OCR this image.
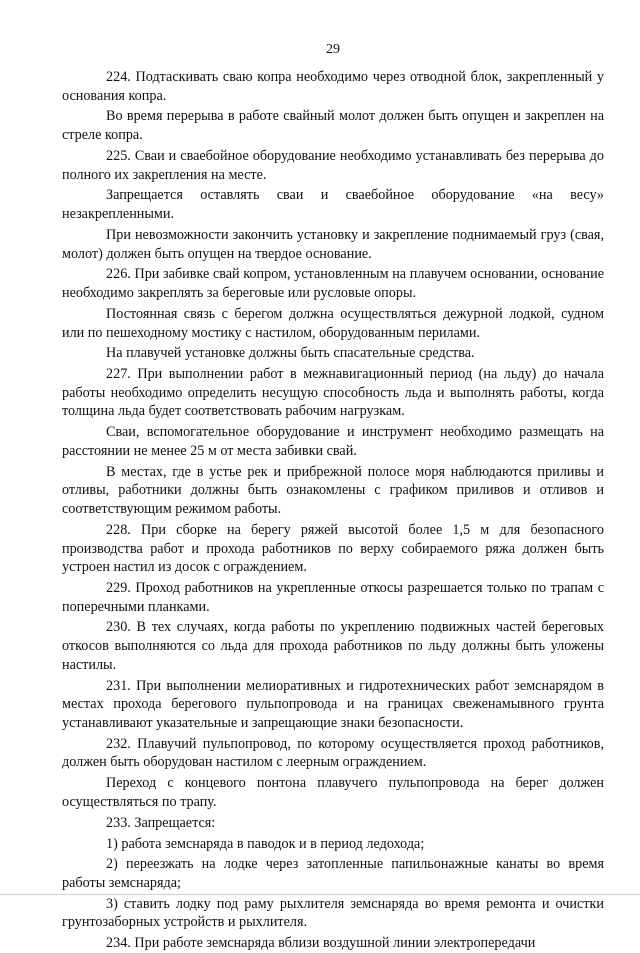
29

224. Подтаскивать сваю копра необходимо через отводной блок, закрепленный у основания копра.

Во время перерыва в работе свайный молот должен быть опущен и закреплен на стреле копра.

225. Сваи и сваебойное оборудование необходимо устанавливать без перерыва до полного их закрепления на месте.

Запрещается оставлять сваи и сваебойное оборудование «на весу» незакрепленными.

При невозможности закончить установку и закрепление поднимаемый груз (свая, молот) должен быть опущен на твердое основание.

226. При забивке свай копром, установленным на плавучем основании, основание необходимо закреплять за береговые или русловые опоры.

Постоянная связь с берегом должна осуществляться дежурной лодкой, судном или по пешеходному мостику с настилом, оборудованным перилами.

На плавучей установке должны быть спасательные средства.

227. При выполнении работ в межнавигационный период (на льду) до начала работы необходимо определить несущую способность льда и выполнять работы, когда толщина льда будет соответствовать рабочим нагрузкам.

Сваи, вспомогательное оборудование и инструмент необходимо размещать на расстоянии не менее 25 м от места забивки свай.

В местах, где в устье рек и прибрежной полосе моря наблюдаются приливы и отливы, работники должны быть ознакомлены с графиком приливов и отливов и соответствующим режимом работы.

228. При сборке на берегу ряжей высотой более 1,5 м для безопасного производства работ и прохода работников по верху собираемого ряжа должен быть устроен настил из досок с ограждением.

229. Проход работников на укрепленные откосы разрешается только по трапам с поперечными планками.

230. В тех случаях, когда работы по укреплению подвижных частей береговых откосов выполняются со льда для прохода работников по льду должны быть уложены настилы.

231. При выполнении мелиоративных и гидротехнических работ земснарядом в местах прохода берегового пульпопровода и на границах свеженамывного грунта устанавливают указательные и запрещающие знаки безопасности.

232. Плавучий пульпопровод, по которому осуществляется проход работников, должен быть оборудован настилом с леерным ограждением.

Переход с концевого понтона плавучего пульпопровода на берег должен осуществляться по трапу.

233. Запрещается:

1) работа земснаряда в паводок и в период ледохода;

2) переезжать на лодке через затопленные папильонажные канаты во время работы земснаряда;

3) ставить лодку под раму рыхлителя земснаряда во время ремонта и очистки грунтозаборных устройств и рыхлителя.

234. При работе земснаряда вблизи воздушной линии электропередачи
